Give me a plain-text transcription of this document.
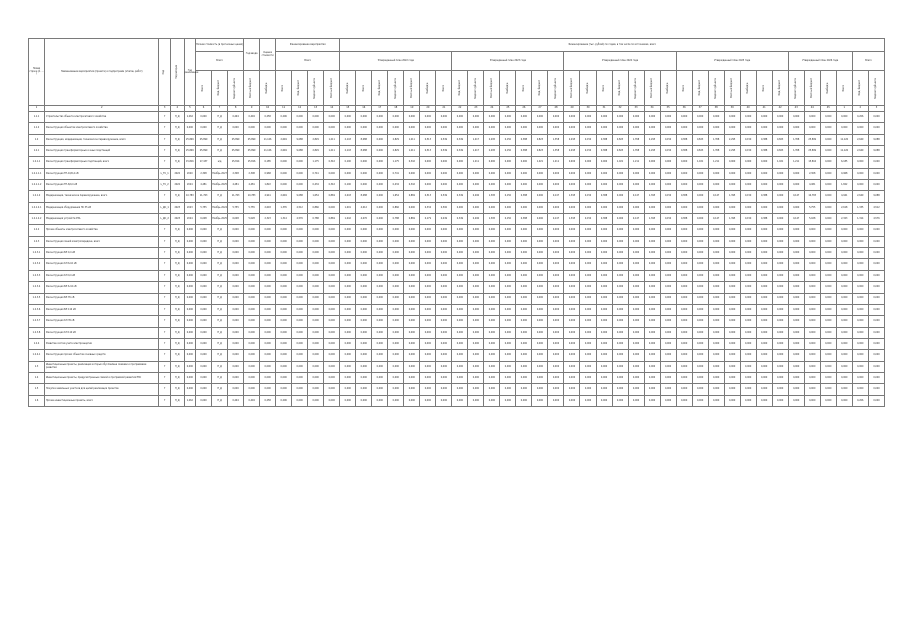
Номер строки (п. ... )	Наименование мероприятия (проекта) и подпрограмм (этапов, работ)	Код	Территория	Год реализации	Полная стоимость (в прогнозных ценах)			Год ввода	Оценка стоимости	Финансирование мероприятия				Финансирование (тыс. рублей) по годам, в том числе по источникам, всего																																	
					Всего					Всего				Утвержденный план 2022 года							Утвержденный план 2023 года							Утвержденный план 2024 года							Утвержденный план 2025 года							Утвержденный план 2026 года				Всего	

					Всего	Фед. бюджет	Бюджет субъекта	Местный бюджет	Внебюдж.	Всего	Фед. бюджет	Бюджет субъекта	Местный бюджет	Внебюдж.	Всего	Фед. бюджет	Бюджет субъекта	Местный бюджет	Внебюдж.	Всего	Фед. бюджет	Бюджет субъекта	Местный бюджет	Внебюдж.	Всего	Фед. бюджет	Бюджет субъекта	Местный бюджет	Внебюдж.	Всего	Фед. бюджет	Бюджет субъекта	Местный бюджет	Внебюдж.	Всего	Фед. бюджет	Бюджет субъекта	Местный бюджет	Внебюдж.	Всего	Фед. бюджет	Бюджет субъекта	Местный бюджет	Внебюдж.	Всего	Фед. бюджет	Бюджет субъекта

1	2	3	4	5	6	7	8	9	10	11	12	13	14	15	16	17	18	19	20	21	22	23	24	25	26	27	28	29	30	31	32	33	34	35	36	37	38	39	40	41	42	43	44	45	1	2	3
1.1.1	Строительство объекта электросетевого хозяйства	Г	Н_Д	1,262	0,000	Н_Д	0,494	0,494	0,258	0,206	0,000	0,000	0,000	0,000	0,000	0,000	0,000	0,000	0,000	0,000	0,000	0,000	0,000	0,000	0,000	0,000	0,000	0,000	0,000	0,000	0,000	0,000	0,000	0,000	0,000	0,000	0,000	0,000	0,000	0,000	0,000	0,000	0,000	0,000	0,000	0,206	0,000
1.1.2	Реконструкция объектов электросетевого хозяйства	Г	Н_Д	0,000	0,000	Н_Д	0,000	0,000	0,000	0,000	0,000	0,000	0,000	0,000	0,000	0,000	0,000	0,000	0,000	0,000	0,000	0,000	0,000	0,000	0,000	0,000	0,000	0,000	0,000	0,000	0,000	0,000	0,000	0,000	0,000	0,000	0,000	0,000	0,000	0,000	0,000	0,000	0,000	0,000	0,000	0,000	0,000
1.2	Реконструкция, модернизация, техническое перевооружение, всего	Г	Н_Д	25,899	25,899	Н_Д	25,899	25,899	11,126	2,649	9,088	2,829	1,211	2,143	8,088	0,000	2,829	1,211	0,513	0,549	0,349	1,417	2,295	0,150	0,388	0,823	1,358	2,295	0,150	0,388	0,823	1,358	2,295	0,150	0,388	0,823	1,358	2,295	0,150	0,388	0,823	1,358	25,899	0,000	11,126	2,649	9,088
1.2.1	Реконструкция трансформаторных и иных подстанций	Г	Н_Д	25,899	25,899	Н_Д	25,899	25,899	11,126	2,649	9,088	2,829	1,211	2,143	8,088	0,000	2,829	1,211	0,513	0,549	0,349	1,417	2,295	0,150	0,388	0,823	1,358	2,295	0,150	0,388	0,823	1,358	2,295	0,150	0,388	0,823	1,358	2,295	0,150	0,388	0,823	1,358	25,899	0,000	11,126	2,649	9,088
1.2.1.1	Реконструкция трансформаторных подстанций, всего	Г	Н_Д	15,816	17,437	н/д	15,814	15,816	6,185	0,000	0,000	1,175	0,342	0,100	0,000	0,000	1,175	0,342	0,000	0,000	0,000	1,211	0,900	0,000	0,000	1,021	1,211	0,900	0,000	0,000	1,021	1,211	0,900	0,000	0,000	1,021	1,211	0,900	0,000	0,000	1,021	1,211	15,816	0,000	6,185	0,000	0,000
1.2.1.1.1	Реконструкция ТП-10/0,4 кВ	L_ТС_1	2022	2020	2,308	Ноябрь 2027	2,308	2,308	0,968	0,000	0,000	0,741	0,000	0,000	0,000	0,000	0,741	0,000	0,000	0,000	0,000	0,000	0,000	0,000	0,000	0,000	0,000	0,000	0,000	0,000	0,000	0,000	0,000	0,000	0,000	0,000	0,000	0,000	0,000	0,000	0,000	0,000	2,308	0,000	0,968	0,000	0,000
1.2.1.1.2	Реконструкция ТП-6/0,4 кВ	L_ТС_2	2022	2024	4,481	Ноябрь 2025	4,481	4,481	1,822	0,000	0,000	0,434	0,342	0,100	0,000	0,000	0,434	0,342	0,000	0,000	0,000	0,000	0,000	0,000	0,000	0,000	0,000	0,000	0,000	0,000	0,000	0,000	0,000	0,000	0,000	0,000	0,000	0,000	0,000	0,000	0,000	0,000	4,481	0,000	1,822	0,000	0,000
1.2.1.2	Модернизация, техническое перевооружение, всего	Г	Н_Д	10,783	11,763	Н_Д	11,763	10,783	4,941	2,649	9,088	1,654	0,869	2,043	8,088	0,000	1,654	0,869	0,513	0,549	0,349	0,206	1,395	0,150	0,388	0,000	0,147	1,395	0,150	0,388	0,000	0,147	1,395	0,150	0,388	0,000	0,147	1,395	0,150	0,388	0,000	0,147	10,783	0,000	4,941	2,649	9,088
1.2.1.2.1	Модернизация оборудования ПС 35 кВ	L_ДС_1	2023	2023	5,755	Ноябрь 2024	5,755	5,755	2,618	1,335	4,512	0,866	0,000	1,001	4,012	0,000	0,866	0,000	0,334	0,500	0,000	0,000	0,000	0,000	0,000	0,000	0,000	0,000	0,000	0,000	0,000	0,000	0,000	0,000	0,000	0,000	0,000	0,000	0,000	0,000	0,000	0,000	5,755	0,000	2,618	1,335	4,512
1.2.1.2.2	Модернизация устройств РЗА	L_ДС_2	2023	2024	6,008	Ноябрь 2025	6,008	5,028	2,323	1,314	4,576	0,788	0,869	1,042	4,076	0,000	0,788	0,869	0,179	0,049	0,349	0,206	1,395	0,150	0,388	0,000	0,147	1,395	0,150	0,388	0,000	0,147	1,395	0,150	0,388	0,000	0,147	1,395	0,150	0,388	0,000	0,147	5,028	0,000	2,323	1,314	4,576
1.2.2	Прочие объекты электросетевого хозяйства	Г	Н_Д	0,000	0,000	Н_Д	0,000	0,000	0,000	0,000	0,000	0,000	0,000	0,000	0,000	0,000	0,000	0,000	0,000	0,000	0,000	0,000	0,000	0,000	0,000	0,000	0,000	0,000	0,000	0,000	0,000	0,000	0,000	0,000	0,000	0,000	0,000	0,000	0,000	0,000	0,000	0,000	0,000	0,000	0,000	0,000	0,000
1.2.3	Реконструкция линий электропередачи, всего	Г	Н_Д	0,000	0,000	Н_Д	0,000	0,000	0,000	0,000	0,000	0,000	0,000	0,000	0,000	0,000	0,000	0,000	0,000	0,000	0,000	0,000	0,000	0,000	0,000	0,000	0,000	0,000	0,000	0,000	0,000	0,000	0,000	0,000	0,000	0,000	0,000	0,000	0,000	0,000	0,000	0,000	0,000	0,000	0,000	0,000	0,000
1.2.3.1	Реконструкция ВЛ 0,4 кВ	Г	Н_Д	0,000	0,000	Н_Д	0,000	0,000	0,000	0,000	0,000	0,000	0,000	0,000	0,000	0,000	0,000	0,000	0,000	0,000	0,000	0,000	0,000	0,000	0,000	0,000	0,000	0,000	0,000	0,000	0,000	0,000	0,000	0,000	0,000	0,000	0,000	0,000	0,000	0,000	0,000	0,000	0,000	0,000	0,000	0,000	0,000
1.2.3.2	Реконструкция КЛ 6-10 кВ	Г	Н_Д	0,000	0,000	Н_Д	0,000	0,000	0,000	0,000	0,000	0,000	0,000	0,000	0,000	0,000	0,000	0,000	0,000	0,000	0,000	0,000	0,000	0,000	0,000	0,000	0,000	0,000	0,000	0,000	0,000	0,000	0,000	0,000	0,000	0,000	0,000	0,000	0,000	0,000	0,000	0,000	0,000	0,000	0,000	0,000	0,000
1.2.3.3	Реконструкция КЛ 0,4 кВ	Г	Н_Д	0,000	0,000	Н_Д	0,000	0,000	0,000	0,000	0,000	0,000	0,000	0,000	0,000	0,000	0,000	0,000	0,000	0,000	0,000	0,000	0,000	0,000	0,000	0,000	0,000	0,000	0,000	0,000	0,000	0,000	0,000	0,000	0,000	0,000	0,000	0,000	0,000	0,000	0,000	0,000	0,000	0,000	0,000	0,000	0,000
1.2.3.4	Реконструкция ВЛ 6-10 кВ	Г	Н_Д	0,000	0,000	Н_Д	0,000	0,000	0,000	0,000	0,000	0,000	0,000	0,000	0,000	0,000	0,000	0,000	0,000	0,000	0,000	0,000	0,000	0,000	0,000	0,000	0,000	0,000	0,000	0,000	0,000	0,000	0,000	0,000	0,000	0,000	0,000	0,000	0,000	0,000	0,000	0,000	0,000	0,000	0,000	0,000	0,000
1.2.3.5	Реконструкция ВЛ 35 кВ	Г	Н_Д	0,000	0,000	Н_Д	0,000	0,000	0,000	0,000	0,000	0,000	0,000	0,000	0,000	0,000	0,000	0,000	0,000	0,000	0,000	0,000	0,000	0,000	0,000	0,000	0,000	0,000	0,000	0,000	0,000	0,000	0,000	0,000	0,000	0,000	0,000	0,000	0,000	0,000	0,000	0,000	0,000	0,000	0,000	0,000	0,000
1.2.3.6	Реконструкция ВЛ 110 кВ	Г	Н_Д	0,000	0,000	Н_Д	0,000	0,000	0,000	0,000	0,000	0,000	0,000	0,000	0,000	0,000	0,000	0,000	0,000	0,000	0,000	0,000	0,000	0,000	0,000	0,000	0,000	0,000	0,000	0,000	0,000	0,000	0,000	0,000	0,000	0,000	0,000	0,000	0,000	0,000	0,000	0,000	0,000	0,000	0,000	0,000	0,000
1.2.3.7	Реконструкция КЛ 35 кВ	Г	Н_Д	0,000	0,000	Н_Д	0,000	0,000	0,000	0,000	0,000	0,000	0,000	0,000	0,000	0,000	0,000	0,000	0,000	0,000	0,000	0,000	0,000	0,000	0,000	0,000	0,000	0,000	0,000	0,000	0,000	0,000	0,000	0,000	0,000	0,000	0,000	0,000	0,000	0,000	0,000	0,000	0,000	0,000	0,000	0,000	0,000
1.2.3.8	Реконструкция КЛ 110 кВ	Г	Н_Д	0,000	0,000	Н_Д	0,000	0,000	0,000	0,000	0,000	0,000	0,000	0,000	0,000	0,000	0,000	0,000	0,000	0,000	0,000	0,000	0,000	0,000	0,000	0,000	0,000	0,000	0,000	0,000	0,000	0,000	0,000	0,000	0,000	0,000	0,000	0,000	0,000	0,000	0,000	0,000	0,000	0,000	0,000	0,000	0,000
1.2.4	Развитие систем учета электроэнергии	Г	Н_Д	0,000	0,000	Н_Д	0,000	0,000	0,000	0,000	0,000	0,000	0,000	0,000	0,000	0,000	0,000	0,000	0,000	0,000	0,000	0,000	0,000	0,000	0,000	0,000	0,000	0,000	0,000	0,000	0,000	0,000	0,000	0,000	0,000	0,000	0,000	0,000	0,000	0,000	0,000	0,000	0,000	0,000	0,000	0,000	0,000
1.2.4.1	Реконструкция прочих объектов основных средств	Г	Н_Д	0,000	0,000	Н_Д	0,000	0,000	0,000	0,000	0,000	0,000	0,000	0,000	0,000	0,000	0,000	0,000	0,000	0,000	0,000	0,000	0,000	0,000	0,000	0,000	0,000	0,000	0,000	0,000	0,000	0,000	0,000	0,000	0,000	0,000	0,000	0,000	0,000	0,000	0,000	0,000	0,000	0,000	0,000	0,000	0,000
1.3	Инвестиционные проекты, реализация которых обусловлена схемами и программами развития	Г	Н_Д	0,000	0,000	Н_Д	0,000	0,000	0,000	0,000	0,000	0,000	0,000	0,000	0,000	0,000	0,000	0,000	0,000	0,000	0,000	0,000	0,000	0,000	0,000	0,000	0,000	0,000	0,000	0,000	0,000	0,000	0,000	0,000	0,000	0,000	0,000	0,000	0,000	0,000	0,000	0,000	0,000	0,000	0,000	0,000	0,000
1.4	Инвестиционные проекты, предусмотренные схемой и программой развития ЕЭС	Г	Н_Д	0,000	0,000	Н_Д	0,000	0,000	0,000	0,000	0,000	0,000	0,000	0,000	0,000	0,000	0,000	0,000	0,000	0,000	0,000	0,000	0,000	0,000	0,000	0,000	0,000	0,000	0,000	0,000	0,000	0,000	0,000	0,000	0,000	0,000	0,000	0,000	0,000	0,000	0,000	0,000	0,000	0,000	0,000	0,000	0,000
1.5	Покупка земельных участков для целей реализации проектов	Г	Н_Д	0,000	0,000	Н_Д	0,000	0,000	0,000	0,000	0,000	0,000	0,000	0,000	0,000	0,000	0,000	0,000	0,000	0,000	0,000	0,000	0,000	0,000	0,000	0,000	0,000	0,000	0,000	0,000	0,000	0,000	0,000	0,000	0,000	0,000	0,000	0,000	0,000	0,000	0,000	0,000	0,000	0,000	0,000	0,000	0,000
1.6	Прочие инвестиционные проекты, всего	Г	Н_Д	1,262	0,000	Н_Д	0,494	0,494	0,258	0,206	0,000	0,000	0,000	0,000	0,000	0,000	0,000	0,000	0,000	0,000	0,000	0,000	0,000	0,000	0,000	0,000	0,000	0,000	0,000	0,000	0,000	0,000	0,000	0,000	0,000	0,000	0,000	0,000	0,000	0,000	0,000	0,000	0,000	0,000	0,000	0,206	0,000
